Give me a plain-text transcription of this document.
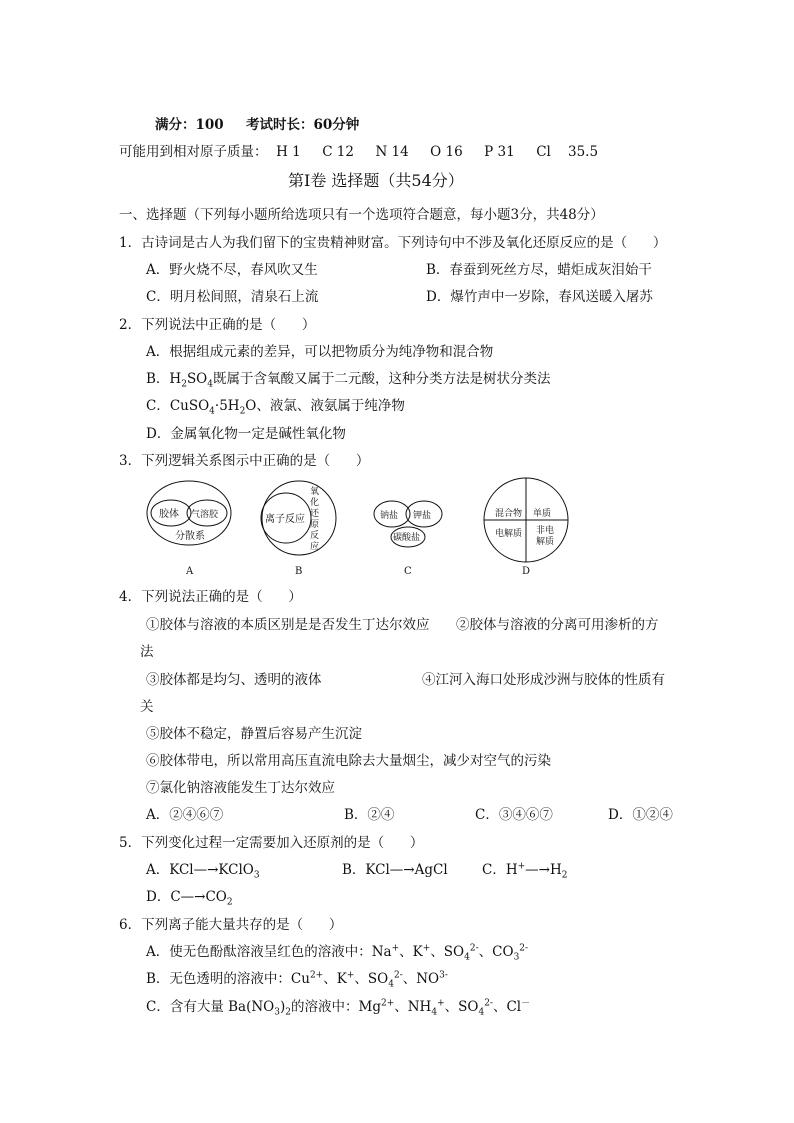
满分：100 考试时长：60分钟
可能用到相对原子质量：  H 1     C 12     N 14     O 16     P 31     Cl    35.5
第Ⅰ卷 选择题（共54分）
一、选择题（下列每小题所给选项只有一个选项符合题意，每小题3分，共48分）
1．古诗词是古人为我们留下的宝贵精神财富。下列诗句中不涉及氧化还原反应的是（      ）
A．野火烧不尽，春风吹又生	B．春蚕到死丝方尽，蜡炬成灰泪始干
C．明月松间照，清泉石上流	D．爆竹声中一岁除，春风送暖入屠苏
2．下列说法中正确的是（      ）
A．根据组成元素的差异，可以把物质分为纯净物和混合物
B．$H_2SO_4$既属于含氧酸又属于二元酸，这种分类方法是树状分类法
C．$CuSO_4\cdot 5H_2O$、液氯、液氨属于纯净物
D．金属氧化物一定是碱性氧化物
3．下列逻辑关系图示中正确的是（      ）
胶体 气溶胶
分散系
A
离子反应
氧
化
还
原
反
应
B
钠盐 钾盐
碳酸盐
C
混合物 单质
电解质 非电
解质
D
4．下列说法正确的是（      ）
①胶体与溶液的本质区别是是否发生丁达尔效应 ②胶体与溶液的分离可用渗析的方
法
③胶体都是均匀、透明的液体	④江河入海口处形成沙洲与胶体的性质有
关
⑤胶体不稳定，静置后容易产生沉淀
⑥胶体带电，所以常用高压直流电除去大量烟尘，减少对空气的污染
⑦氯化钠溶液能发生丁达尔效应
A．②④⑥⑦	B．②④	C．③④⑥⑦	D．①②④
5．下列变化过程一定需要加入还原剂的是（      ）
A．KCl—→KClO$_3$	B．KCl—→AgCl	C．$H^+—\to H_2$
D．$C—\to CO_2$
6．下列离子能大量共存的是（      ）
A．使无色酚酞溶液呈红色的溶液中：Na+、K+、$SO_4^{2-}$、$CO_3^{2-}$
B．无色透明的溶液中：$Cu^{2+}$、K+、$SO_4^{2-}$、$NO^{3-}$
C．含有大量 $Ba(NO_3)_2$的溶液中：$Mg^{2+}$、$NH_4^+$、$SO_4^{2-}$、Cl－
